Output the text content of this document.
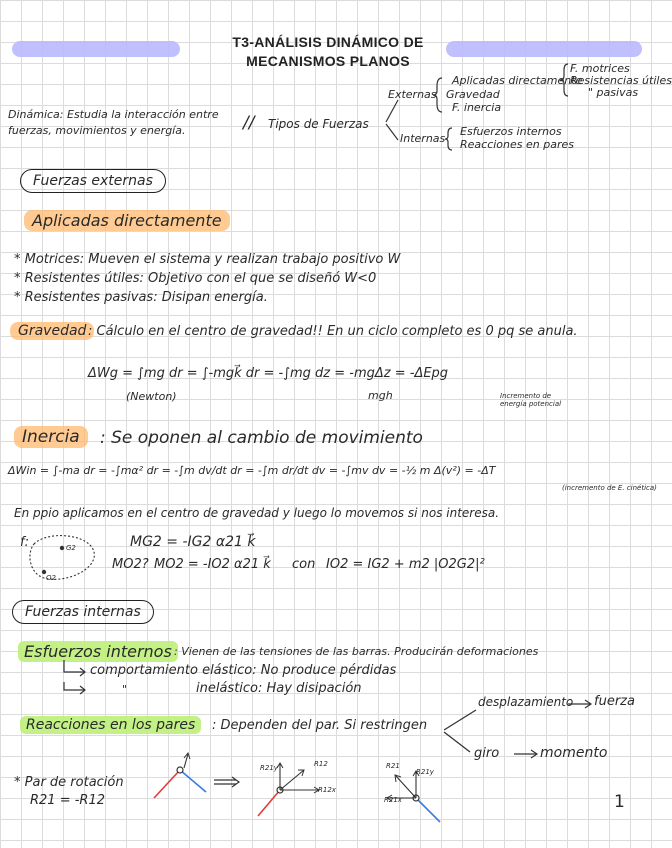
T3-ANÁLISIS DINÁMICO DE
MECANISMOS PLANOS
Dinámica: Estudia la interacción entre
fuerzas, movimientos y energía.	// Tipos de Fuerzas
Externas
Aplicadas directamente
Gravedad
F. inercia
F. motrices
Resistencias útiles
" pasivas
Internas
Esfuerzos internos
Reacciones en pares
Fuerzas externas
Aplicadas directamente
* Motrices: Mueven el sistema y realizan trabajo positivo W
* Resistentes útiles: Objetivo con el que se diseñó W<0
* Resistentes pasivas: Disipan energía.
Gravedad : Cálculo en el centro de gravedad!! En un ciclo completo es 0 pq se anula.
ΔWg = ∫mg dr = ∫-mgk⃗ dr = -∫mg dz = -mgΔz = -ΔEpg
(Newton)	mgh	Incremento de energía potencial
Inercia	: Se oponen al cambio de movimiento
ΔWin = ∫-ma dr = -∫mα² dr = -∫m dv/dt dr = -∫m dr/dt dv = -∫mv dv = -½ m Δ(v²) = -ΔT
(incremento de E. cinética)
En ppio aplicamos en el centro de gravedad y luego lo movemos si nos interesa.
f:	G2
O2
MG2 = -IG2 α21 k⃗
MO2? MO2 = -IO2 α21 k⃗ con IO2 = IG2 + m2 |O2G2|²
Fuerzas internas
Esfuerzos internos : Vienen de las tensiones de las barras. Producirán deformaciones
comportamiento elástico: No produce pérdidas
"	inelástico: Hay disipación
Reacciones en los pares	: Dependen del par. Si restringen
desplazamiento fuerza
giro	momento
* Par de rotación
R21 = -R12
R21y	R12
R12x
R21y
R21
R21x	1
